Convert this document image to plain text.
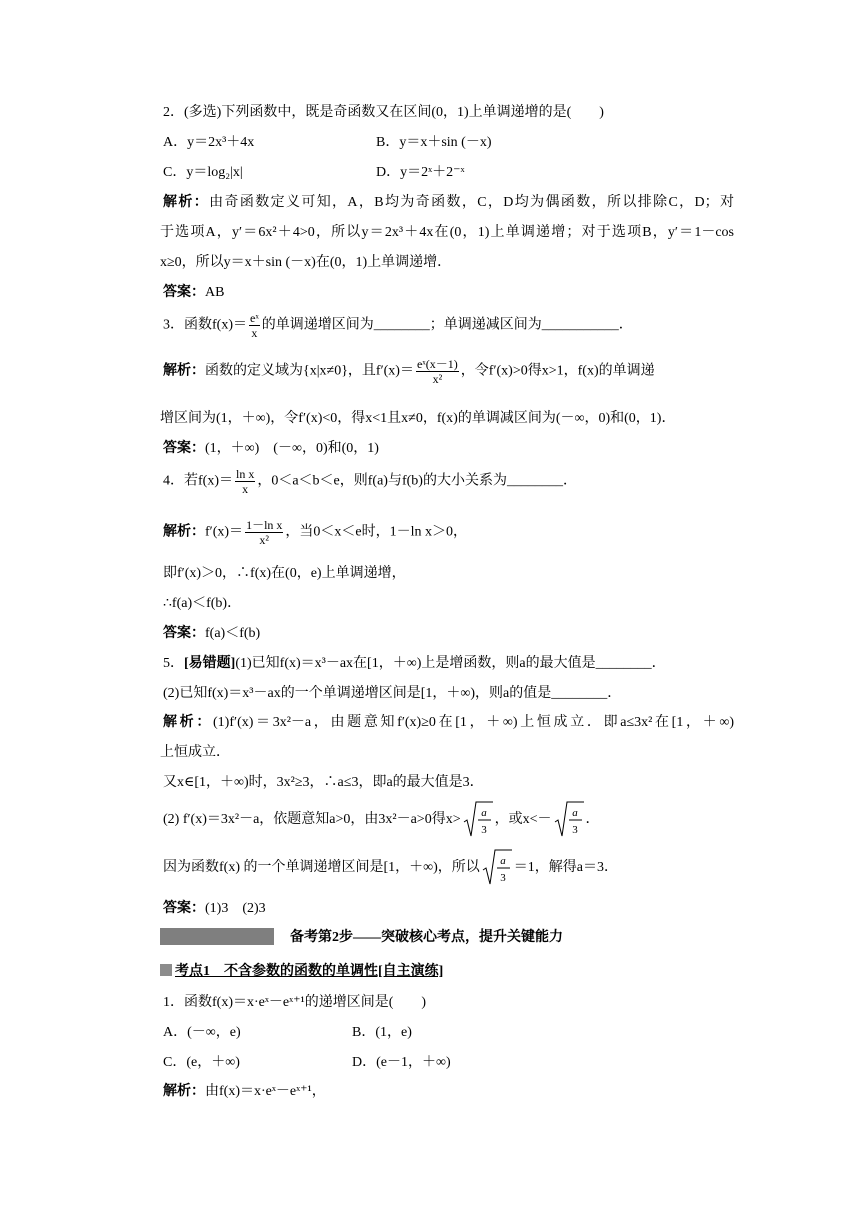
2．(多选)下列函数中，既是奇函数又在区间(0，1)上单调递增的是(　　)
A．y＝2x³＋4x	B．y＝x＋sin (－x)
C．y＝log₂|x|	D．y＝2ˣ＋2⁻ˣ
解析：由奇函数定义可知，A，B均为奇函数，C，D均为偶函数，所以排除C，D；对
于选项A，y′＝6x²＋4>0，所以y＝2x³＋4x在(0，1)上单调递增；对于选项B，y′＝1－cos
x≥0，所以y＝x＋sin (－x)在(0，1)上单调递增．
答案：AB
3．函数$f(x)= \frac{\text{eˣ}}{x}$ 的单调递增区间为________；单调递减区间为___________．
解析：函数的定义域为{x|x≠0}，且$f'(x)= \frac{\text{eˣ(x－1)}}{\text{x²}}$ ，令f′(x)>0得x>1，f(x)的单调递
增区间为(1，＋∞)，令f′(x)<0，得x<1且x≠0，f(x)的单调减区间为(－∞，0)和(0，1)．
答案：(1，＋∞)　(－∞，0)和(0，1)
4．若$f(x)= \frac{\text{ln x}}{x}$ ，0＜a＜b＜e，则f(a)与f(b)的大小关系为________．
解析：$f'(x)= \frac{\text{1－ln x}}{\text{x²}}$ ，当0＜x＜e时，1－ln x＞0，
即f′(x)＞0，∴f(x)在(0，e)上单调递增，
∴f(a)＜f(b)．
答案：f(a)＜f(b)
5．[易错题](1)已知f(x)＝x³－ax在[1，＋∞)上是增函数，则a的最大值是________．
(2)已知f(x)＝x³－ax的一个单调递增区间是[1，＋∞)，则a的值是________．
解析：(1)f′(x)＝3x²－a，由题意知f′(x)≥0在[1，＋∞)上恒成立．即a≤3x²在[1，＋∞)
上恒成立．
又x∈[1，＋∞)时，3x²≥3，∴a≤3，即a的最大值是3．
(2) f′(x)＝3x²－a，依题意知a>0，由3x²－a>0得x> a
3
，或x<－ a
3
．
因为函数f(x) 的一个单调递增区间是[1，＋∞)，所以 a
3
＝1，解得a＝3．
答案：(1)3　(2)3
备考第2步——突破核心考点，提升关键能力
考点1　不含参数的函数的单调性[自主演练]
1．函数f(x)＝x·eˣ－eˣ⁺¹的递增区间是(　　)
A．(－∞，e)	B．(1，e)
C．(e，＋∞)	D．(e－1，＋∞)
解析：由f(x)＝x·eˣ－eˣ⁺¹，
